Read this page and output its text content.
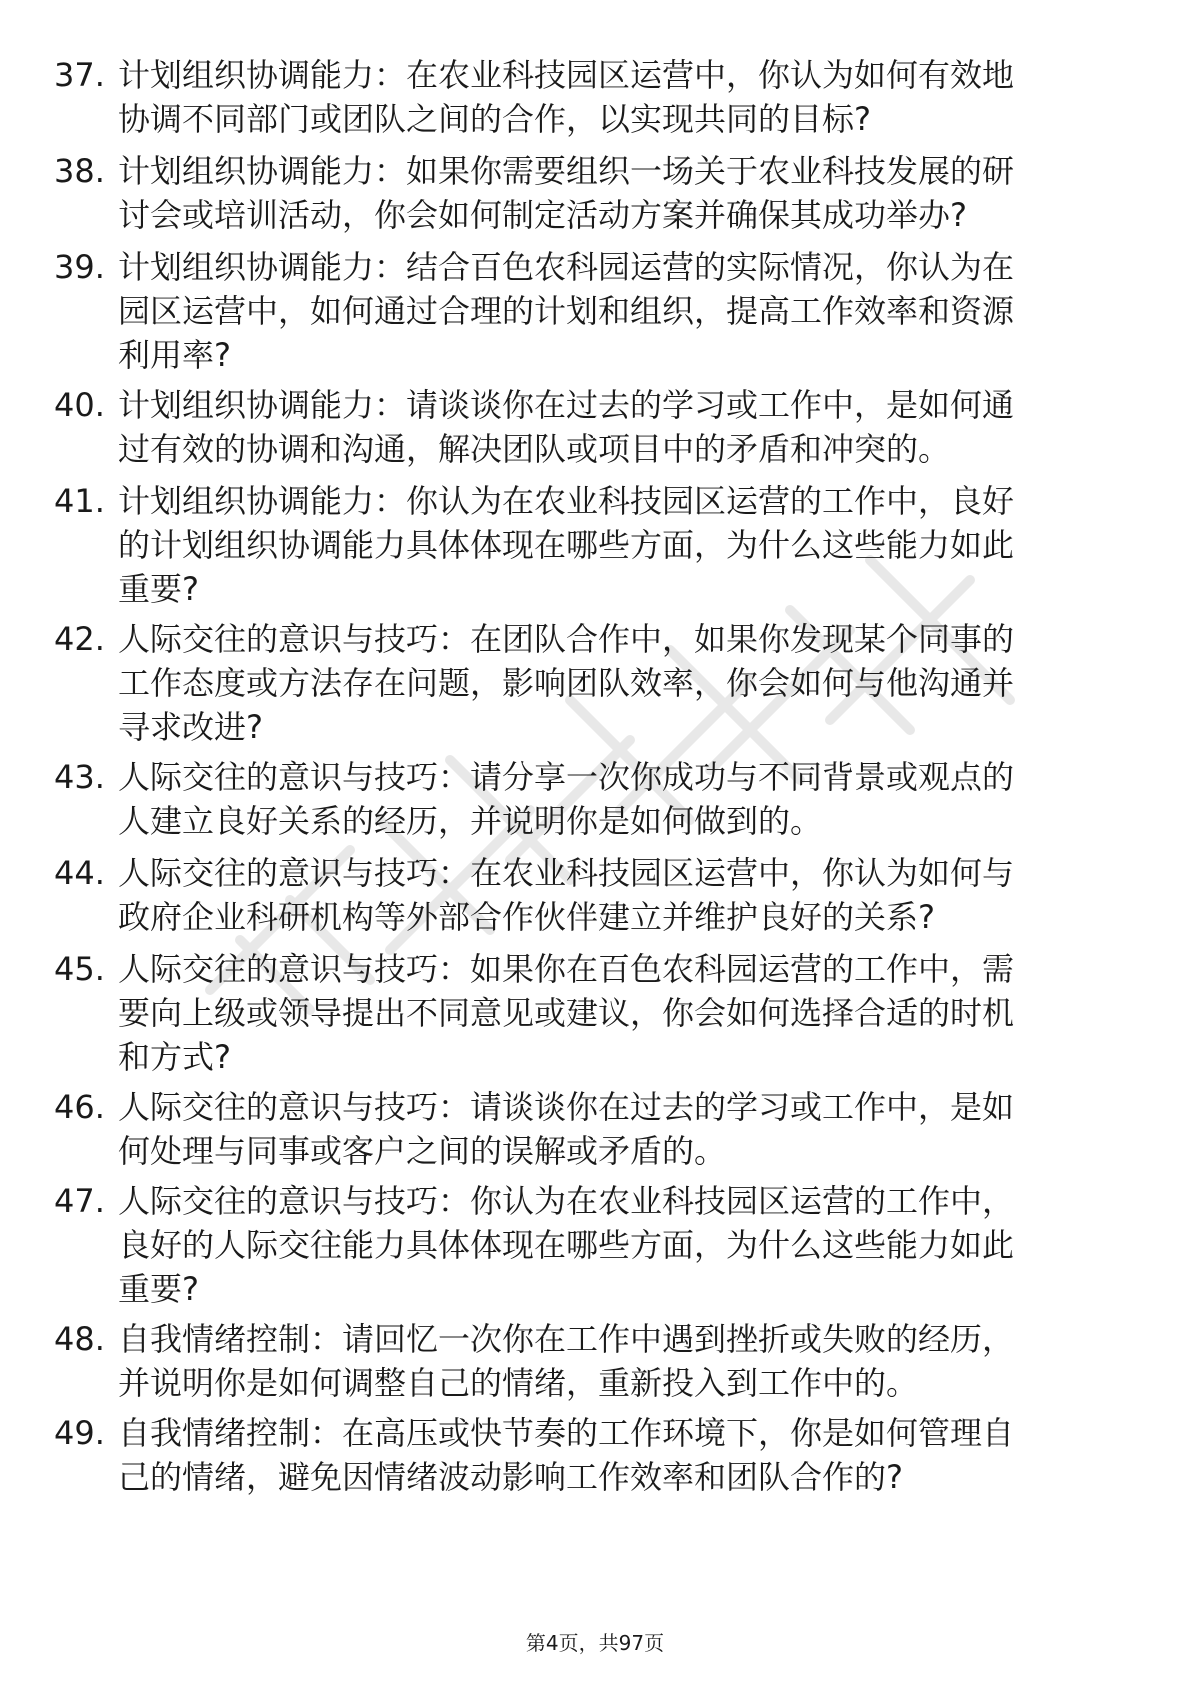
37. 计划组织协调能力：在农业科技园区运营中，你认为如何有效地
协调不同部门或团队之间的合作，以实现共同的目标?
38. 计划组织协调能力：如果你需要组织一场关于农业科技发展的研
讨会或培训活动，你会如何制定活动方案并确保其成功举办?
39. 计划组织协调能力：结合百色农科园运营的实际情况，你认为在
园区运营中，如何通过合理的计划和组织，提高工作效率和资源
利用率?
40. 计划组织协调能力：请谈谈你在过去的学习或工作中，是如何通
过有效的协调和沟通，解决团队或项目中的矛盾和冲突的。
41. 计划组织协调能力：你认为在农业科技园区运营的工作中，良好
的计划组织协调能力具体体现在哪些方面，为什么这些能力如此
重要?
42. 人际交往的意识与技巧：在团队合作中，如果你发现某个同事的
工作态度或方法存在问题，影响团队效率，你会如何与他沟通并
寻求改进?
43. 人际交往的意识与技巧：请分享一次你成功与不同背景或观点的
人建立良好关系的经历，并说明你是如何做到的。
44. 人际交往的意识与技巧：在农业科技园区运营中，你认为如何与
政府企业科研机构等外部合作伙伴建立并维护良好的关系?
45. 人际交往的意识与技巧：如果你在百色农科园运营的工作中，需
要向上级或领导提出不同意见或建议，你会如何选择合适的时机
和方式?
46. 人际交往的意识与技巧：请谈谈你在过去的学习或工作中，是如
何处理与同事或客户之间的误解或矛盾的。
47. 人际交往的意识与技巧：你认为在农业科技园区运营的工作中，
良好的人际交往能力具体体现在哪些方面，为什么这些能力如此
重要?
48. 自我情绪控制：请回忆一次你在工作中遇到挫折或失败的经历，
并说明你是如何调整自己的情绪，重新投入到工作中的。
49. 自我情绪控制：在高压或快节奏的工作环境下，你是如何管理自
己的情绪，避免因情绪波动影响工作效率和团队合作的?
第4页，共97页
